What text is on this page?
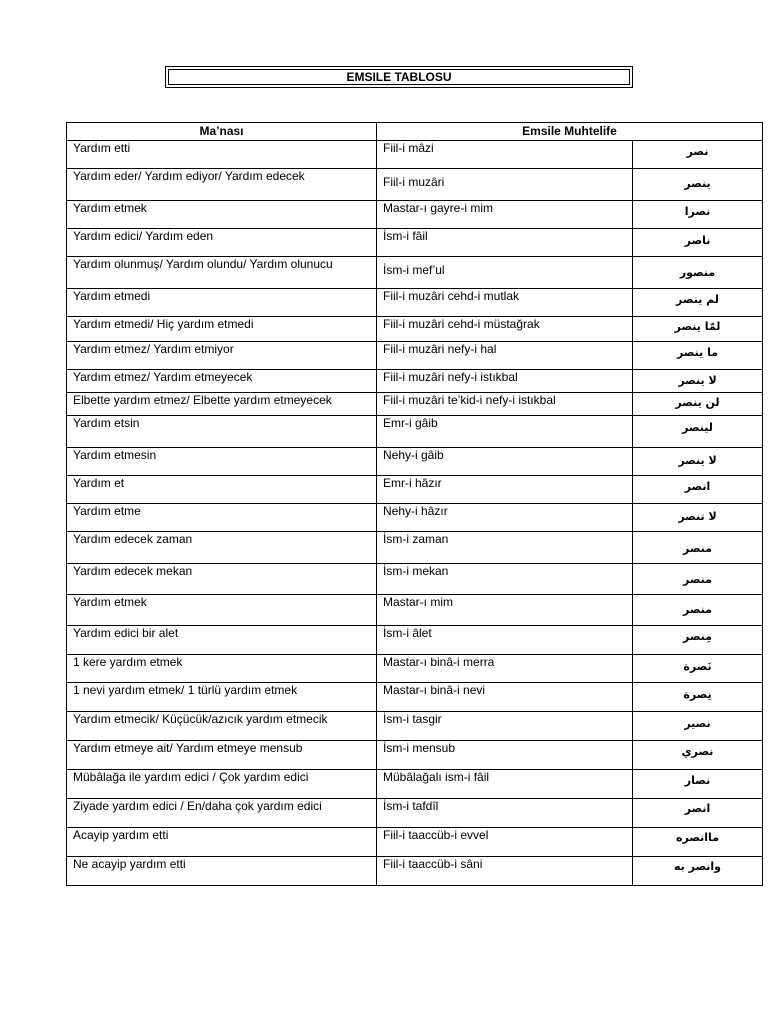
EMSILE TABLOSU
Ma’nası	Emsile Muhtelife	
Yardım etti	Fiil-i mâzi	نصر

Yardım eder/ Yardım ediyor/ Yardım edecek	Fiil-i muzâri	ينصر

Yardım etmek	Mastar-ı gayre-i mim	نصرا

Yardım edici/ Yardım eden	İsm-i fâil	ناصر

Yardım olunmuş/ Yardım olundu/ Yardım olunucu	İsm-i mef’ul	منصور

Yardım etmedi	Fiil-i muzâri cehd-i mutlak	لم ينصر

Yardım etmedi/ Hiç yardım etmedi	Fiil-i muzâri cehd-i müstağrak	لمّا ينصر

Yardım etmez/ Yardım etmiyor	Fiil-i muzâri nefy-i hal	ما ينصر

Yardım etmez/ Yardım etmeyecek	Fiil-i muzâri nefy-i istıkbal	لا ينصر

Elbette yardım etmez/ Elbette yardım etmeyecek	Fiil-i muzâri te’kid-i nefy-i istıkbal	لن ينصر

Yardım etsin	Emr-i gâib	لينصر

Yardım etmesin	Nehy-i gâib	لا ينصر

Yardım et	Emr-i hâzır	انصر

Yardım etme	Nehy-i hâzır	لا تنصر

Yardım edecek zaman	İsm-i zaman	منصر

Yardım edecek mekan	İsm-i mekan	منصر

Yardım etmek	Mastar-ı mim	منصر

Yardım edici bir alet	İsm-i âlet	مِنصر

1 kere yardım etmek	Mastar-ı binâ-i merra	نَصرة

1 nevi yardım etmek/ 1 türlü yardım etmek	Mastar-ı binâ-i nevi	نِصرة

Yardım etmecik/ Küçücük/azıcık yardım etmecik	İsm-i tasgir	نصير

Yardım etmeye ait/ Yardım etmeye mensub	İsm-i mensub	نصري

Mübâlağa ile yardım edici / Çok yardım edici	Mübâlağalı ism-i fâil	نصار

Ziyade yardım edici / En/daha çok yardım edici	İsm-i tafdîl	انصر

Acayip yardım etti	Fiil-i taaccüb-i evvel	ماانصره

Ne acayip yardım etti	Fiil-i taaccüb-i sâni	وانصر به
